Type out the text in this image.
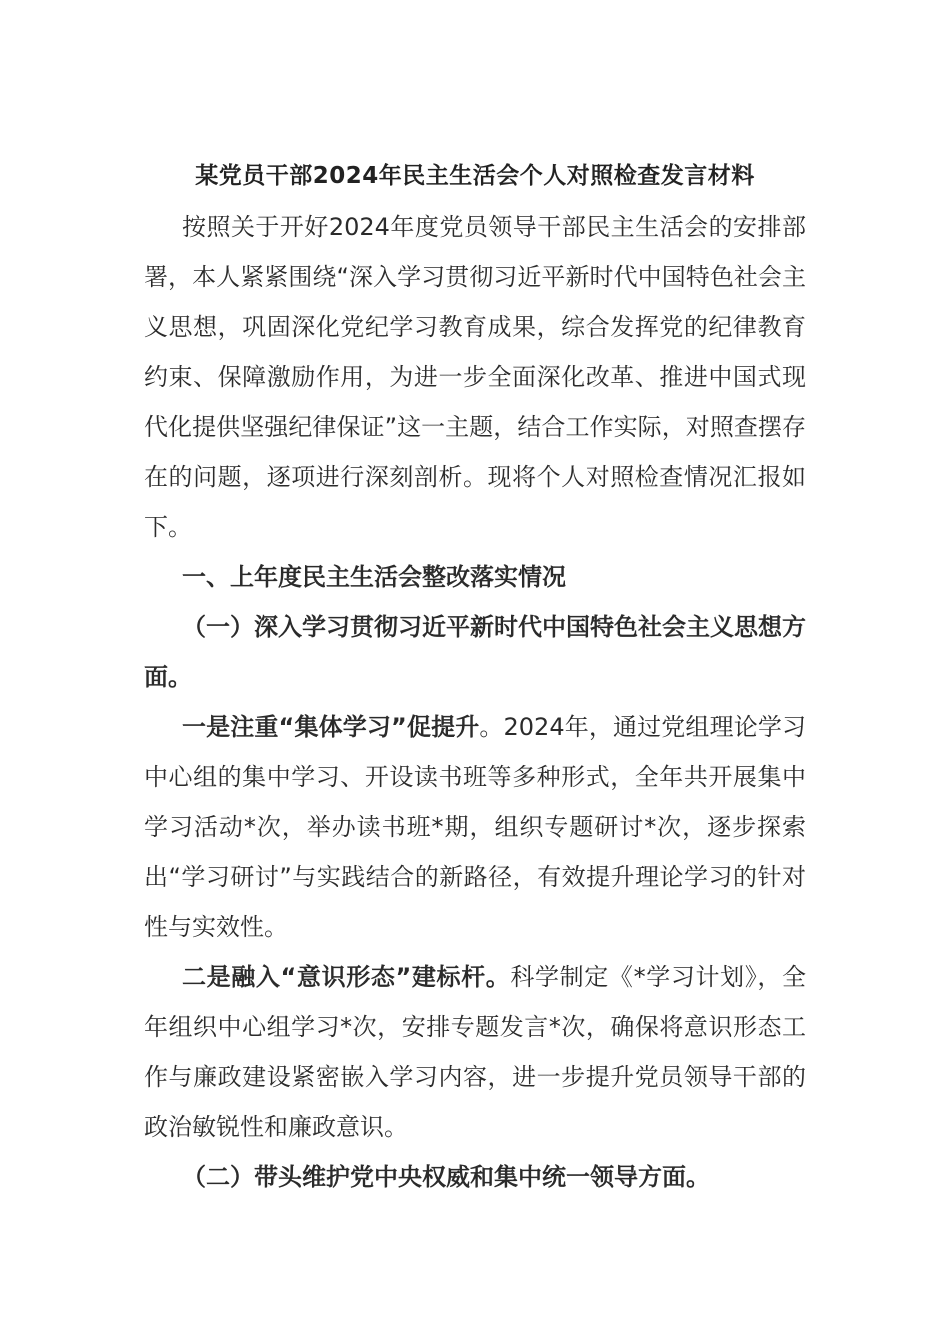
某党员干部2024年民主生活会个人对照检查发言材料

按照关于开好2024年度党员领导干部民主生活会的安排部署，本人紧紧围绕“深入学习贯彻习近平新时代中国特色社会主义思想，巩固深化党纪学习教育成果，综合发挥党的纪律教育约束、保障激励作用，为进一步全面深化改革、推进中国式现代化提供坚强纪律保证”这一主题，结合工作实际，对照查摆存在的问题，逐项进行深刻剖析。现将个人对照检查情况汇报如下。

一、上年度民主生活会整改落实情况

（一）深入学习贯彻习近平新时代中国特色社会主义思想方面。

一是注重“集体学习”促提升。2024年，通过党组理论学习中心组的集中学习、开设读书班等多种形式，全年共开展集中学习活动*次，举办读书班*期，组织专题研讨*次，逐步探索出“学习研讨”与实践结合的新路径，有效提升理论学习的针对性与实效性。

二是融入“意识形态”建标杆。科学制定《*学习计划》，全年组织中心组学习*次，安排专题发言*次，确保将意识形态工作与廉政建设紧密嵌入学习内容，进一步提升党员领导干部的政治敏锐性和廉政意识。

（二）带头维护党中央权威和集中统一领导方面。
